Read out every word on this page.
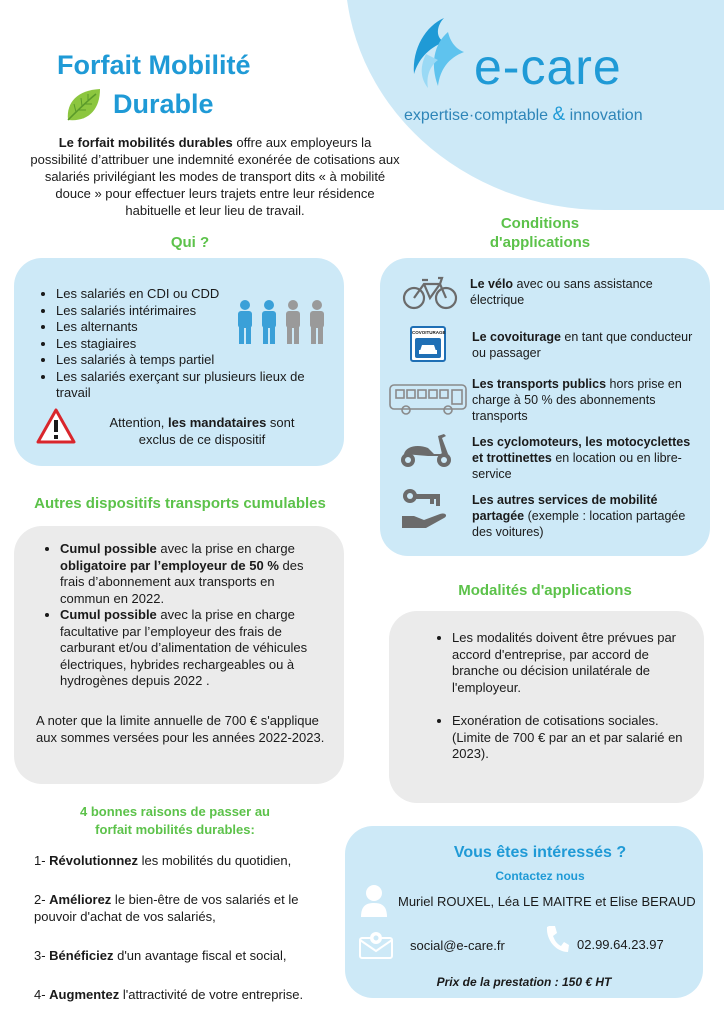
e-care
expertise·comptable & innovation
Forfait Mobilité
Durable
Le forfait mobilités durables offre aux employeurs la possibilité d’attribuer une indemnité exonérée de cotisations aux salariés privilégiant les modes de transport dits « à mobilité douce » pour effectuer leurs trajets entre leur résidence habituelle et leur lieu de travail.
Qui ?
• Les salariés en CDI ou CDD
• Les salariés intérimaires
• Les alternants
• Les stagiaires
• Les salariés à temps partiel
• Les salariés exerçant sur plusieurs lieux de travail
Attention, les mandataires sont exclus de ce dispositif
Conditions
d'applications
Le vélo avec ou sans assistance électrique
COVOITURAGE Le covoiturage en tant que conducteur ou passager
Les transports publics hors prise en charge à 50 % des abonnements transports
Les cyclomoteurs, les motocyclettes et trottinettes en location ou en libre-service
Les autres services de mobilité partagée (exemple : location partagée des voitures)
Autres dispositifs transports cumulables
• Cumul possible avec la prise en charge obligatoire par l’employeur de 50 % des frais d’abonnement aux transports en commun en 2022.
• Cumul possible avec la prise en charge facultative par l’employeur des frais de carburant et/ou d’alimentation de véhicules électriques, hybrides rechargeables ou à hydrogènes depuis 2022 .
A noter que la limite annuelle de 700 € s'applique aux sommes versées pour les années 2022-2023.
Modalités d'applications
• Les modalités doivent être prévues par accord d'entreprise, par accord de branche ou décision unilatérale de l'employeur.
• Exonération de cotisations sociales. (Limite de 700 € par an et par salarié en 2023).
4 bonnes raisons de passer au
forfait mobilités durables:

1- Révolutionnez les mobilités du quotidien,

2- Améliorez le bien-être de vos salariés et le pouvoir d'achat de vos salariés,

3- Bénéficiez d'un avantage fiscal et social,

4- Augmentez l'attractivité de votre entreprise.

Vous êtes intéressés ?
Contactez nous
Muriel ROUXEL, Léa LE MAITRE et Elise BERAUD
social@e-care.fr	02.99.64.23.97
Prix de la prestation : 150 € HT
